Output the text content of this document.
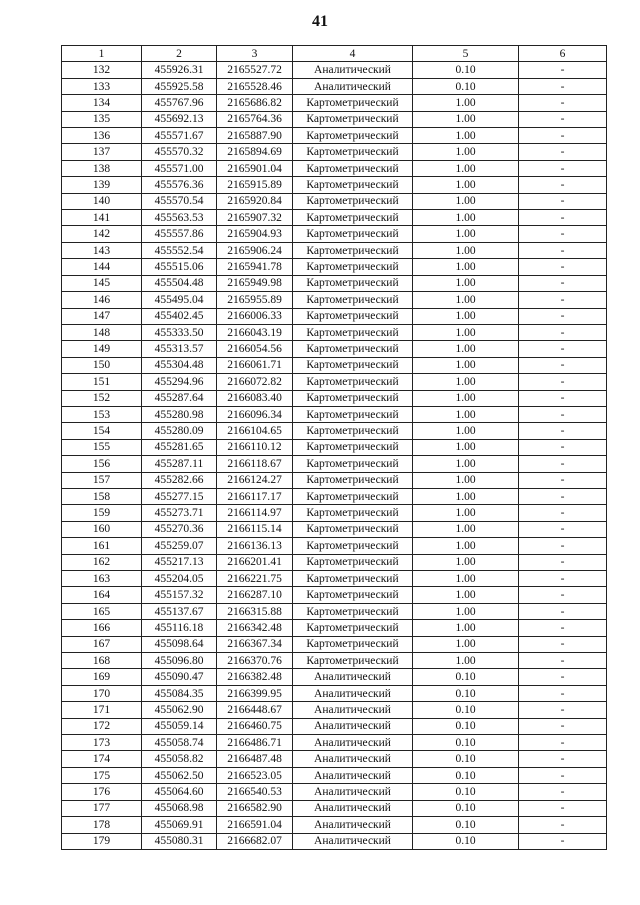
41
1	2	3	4	5	6
132	455926.31	2165527.72	Аналитический	0.10	-
133	455925.58	2165528.46	Аналитический	0.10	-
134	455767.96	2165686.82	Картометрический	1.00	-
135	455692.13	2165764.36	Картометрический	1.00	-
136	455571.67	2165887.90	Картометрический	1.00	-
137	455570.32	2165894.69	Картометрический	1.00	-
138	455571.00	2165901.04	Картометрический	1.00	-
139	455576.36	2165915.89	Картометрический	1.00	-
140	455570.54	2165920.84	Картометрический	1.00	-
141	455563.53	2165907.32	Картометрический	1.00	-
142	455557.86	2165904.93	Картометрический	1.00	-
143	455552.54	2165906.24	Картометрический	1.00	-
144	455515.06	2165941.78	Картометрический	1.00	-
145	455504.48	2165949.98	Картометрический	1.00	-
146	455495.04	2165955.89	Картометрический	1.00	-
147	455402.45	2166006.33	Картометрический	1.00	-
148	455333.50	2166043.19	Картометрический	1.00	-
149	455313.57	2166054.56	Картометрический	1.00	-
150	455304.48	2166061.71	Картометрический	1.00	-
151	455294.96	2166072.82	Картометрический	1.00	-
152	455287.64	2166083.40	Картометрический	1.00	-
153	455280.98	2166096.34	Картометрический	1.00	-
154	455280.09	2166104.65	Картометрический	1.00	-
155	455281.65	2166110.12	Картометрический	1.00	-
156	455287.11	2166118.67	Картометрический	1.00	-
157	455282.66	2166124.27	Картометрический	1.00	-
158	455277.15	2166117.17	Картометрический	1.00	-
159	455273.71	2166114.97	Картометрический	1.00	-
160	455270.36	2166115.14	Картометрический	1.00	-
161	455259.07	2166136.13	Картометрический	1.00	-
162	455217.13	2166201.41	Картометрический	1.00	-
163	455204.05	2166221.75	Картометрический	1.00	-
164	455157.32	2166287.10	Картометрический	1.00	-
165	455137.67	2166315.88	Картометрический	1.00	-
166	455116.18	2166342.48	Картометрический	1.00	-
167	455098.64	2166367.34	Картометрический	1.00	-
168	455096.80	2166370.76	Картометрический	1.00	-
169	455090.47	2166382.48	Аналитический	0.10	-
170	455084.35	2166399.95	Аналитический	0.10	-
171	455062.90	2166448.67	Аналитический	0.10	-
172	455059.14	2166460.75	Аналитический	0.10	-
173	455058.74	2166486.71	Аналитический	0.10	-
174	455058.82	2166487.48	Аналитический	0.10	-
175	455062.50	2166523.05	Аналитический	0.10	-
176	455064.60	2166540.53	Аналитический	0.10	-
177	455068.98	2166582.90	Аналитический	0.10	-
178	455069.91	2166591.04	Аналитический	0.10	-
179	455080.31	2166682.07	Аналитический	0.10	-
